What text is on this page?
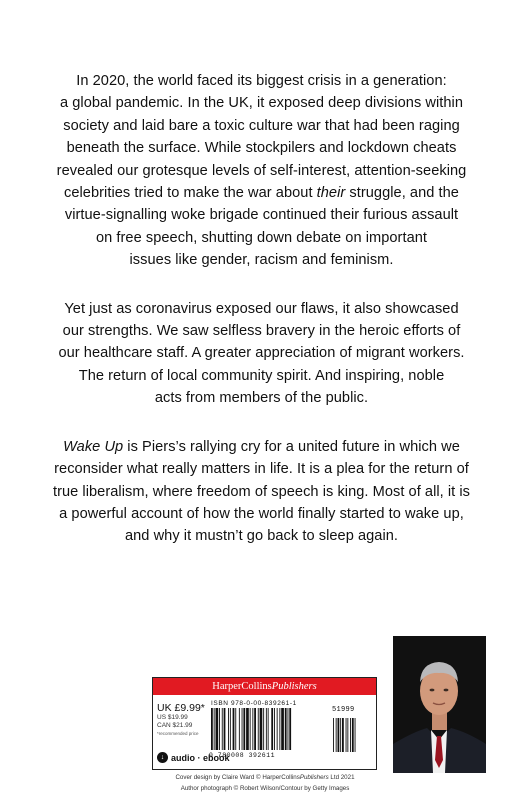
In 2020, the world faced its biggest crisis in a generation:
a global pandemic. In the UK, it exposed deep divisions within
society and laid bare a toxic culture war that had been raging
beneath the surface. While stockpilers and lockdown cheats
revealed our grotesque levels of self-interest, attention-seeking
celebrities tried to make the war about their struggle, and the
virtue-signalling woke brigade continued their furious assault
on free speech, shutting down debate on important
issues like gender, racism and feminism.

Yet just as coronavirus exposed our flaws, it also showcased
our strengths. We saw selfless bravery in the heroic efforts of
our healthcare staff. A greater appreciation of migrant workers.
The return of local community spirit. And inspiring, noble
acts from members of the public.

Wake Up is Piers’s rallying cry for a united future in which we
reconsider what really matters in life. It is a plea for the return of
true liberalism, where freedom of speech is king. Most of all, it is
a powerful account of how the world finally started to wake up,
and why it mustn’t go back to sleep again.

HarperCollinsPublishers
UK £9.99*
US $19.99
CAN $21.99
*recommended price
ISBN 978-0-00-839261-1
9 780008 392611
51999
↓ audio · ebook
Cover design by Claire Ward © HarperCollinsPublishers Ltd 2021
Author photograph © Robert Wilson/Contour by Getty Images
